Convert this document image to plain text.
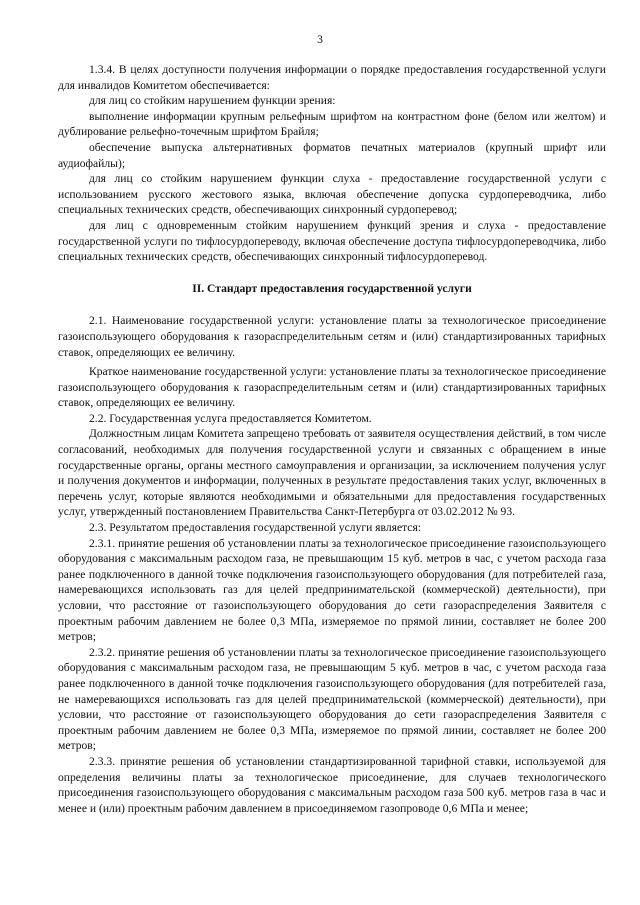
3

1.3.4. В целях доступности получения информации о порядке предоставления государственной услуги для инвалидов Комитетом обеспечивается:

для лиц со стойким нарушением функции зрения:

выполнение информации крупным рельефным шрифтом на контрастном фоне (белом или желтом) и дублирование рельефно-точечным шрифтом Брайля;

обеспечение выпуска альтернативных форматов печатных материалов (крупный шрифт или аудиофайлы);

для лиц со стойким нарушением функции слуха - предоставление государственной услуги с использованием русского жестового языка, включая обеспечение допуска сурдопереводчика, либо специальных технических средств, обеспечивающих синхронный сурдоперевод;

для лиц с одновременным стойким нарушением функций зрения и слуха - предоставление государственной услуги по тифлосурдопереводу, включая обеспечение доступа тифлосурдопереводчика, либо специальных технических средств, обеспечивающих синхронный тифлосурдоперевод.

II. Стандарт предоставления государственной услуги

2.1. Наименование государственной услуги: установление платы за технологическое присоединение газоиспользующего оборудования к газораспределительным сетям и (или) стандартизированных тарифных ставок, определяющих ее величину.

Краткое наименование государственной услуги: установление платы за технологическое присоединение газоиспользующего оборудования к газораспределительным сетям и (или) стандартизированных тарифных ставок, определяющих ее величину.

2.2. Государственная услуга предоставляется Комитетом.

Должностным лицам Комитета запрещено требовать от заявителя осуществления действий, в том числе согласований, необходимых для получения государственной услуги и связанных с обращением в иные государственные органы, органы местного самоуправления и организации, за исключением получения услуг и получения документов и информации, полученных в результате предоставления таких услуг, включенных в перечень услуг, которые являются необходимыми и обязательными для предоставления государственных услуг, утвержденный постановлением Правительства Санкт-Петербурга от 03.02.2012 № 93.

2.3. Результатом предоставления государственной услуги является:

2.3.1. принятие решения об установлении платы за технологическое присоединение газоиспользующего оборудования с максимальным расходом газа, не превышающим 15 куб. метров в час, с учетом расхода газа ранее подключенного в данной точке подключения газоиспользующего оборудования (для потребителей газа, намеревающихся использовать газ для целей предпринимательской (коммерческой) деятельности), при условии, что расстояние от газоиспользующего оборудования до сети газораспределения Заявителя с проектным рабочим давлением не более 0,3 МПа, измеряемое по прямой линии, составляет не более 200 метров;

2.3.2. принятие решения об установлении платы за технологическое присоединение газоиспользующего оборудования с максимальным расходом газа, не превышающим 5 куб. метров в час, с учетом расхода газа ранее подключенного в данной точке подключения газоиспользующего оборудования (для потребителей газа, не намеревающихся использовать газ для целей предпринимательской (коммерческой) деятельности), при условии, что расстояние от газоиспользующего оборудования до сети газораспределения Заявителя с проектным рабочим давлением не более 0,3 МПа, измеряемое по прямой линии, составляет не более 200 метров;

2.3.3. принятие решения об установлении стандартизированной тарифной ставки, используемой для определения величины платы за технологическое присоединение, для случаев технологического присоединения газоиспользующего оборудования с максимальным расходом газа 500 куб. метров газа в час и менее и (или) проектным рабочим давлением в присоединяемом газопроводе 0,6 МПа и менее;
